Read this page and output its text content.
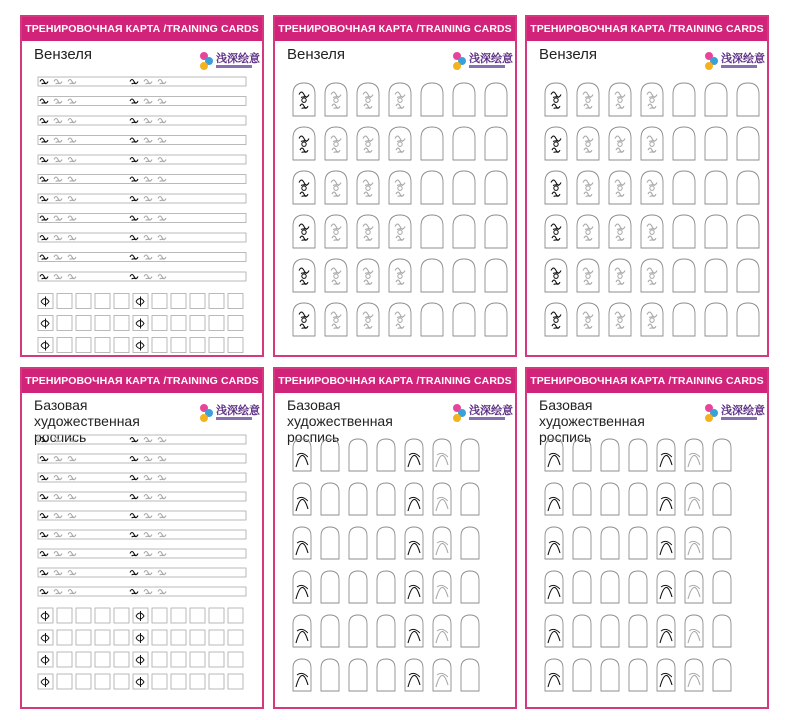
ТРЕНИРОВОЧНАЯ КАРТА /TRAINING CARDS
Вензеля	浅深绘意
ТРЕНИРОВОЧНАЯ КАРТА /TRAINING CARDS
Вензеля	浅深绘意
ТРЕНИРОВОЧНАЯ КАРТА /TRAINING CARDS
Вензеля	浅深绘意
ТРЕНИРОВОЧНАЯ КАРТА /TRAINING CARDS
Базовая художественная роспись
浅深绘意
ТРЕНИРОВОЧНАЯ КАРТА /TRAINING CARDS
Базовая художественная роспись
浅深绘意
ТРЕНИРОВОЧНАЯ КАРТА /TRAINING CARDS
Базовая художественная роспись
浅深绘意
